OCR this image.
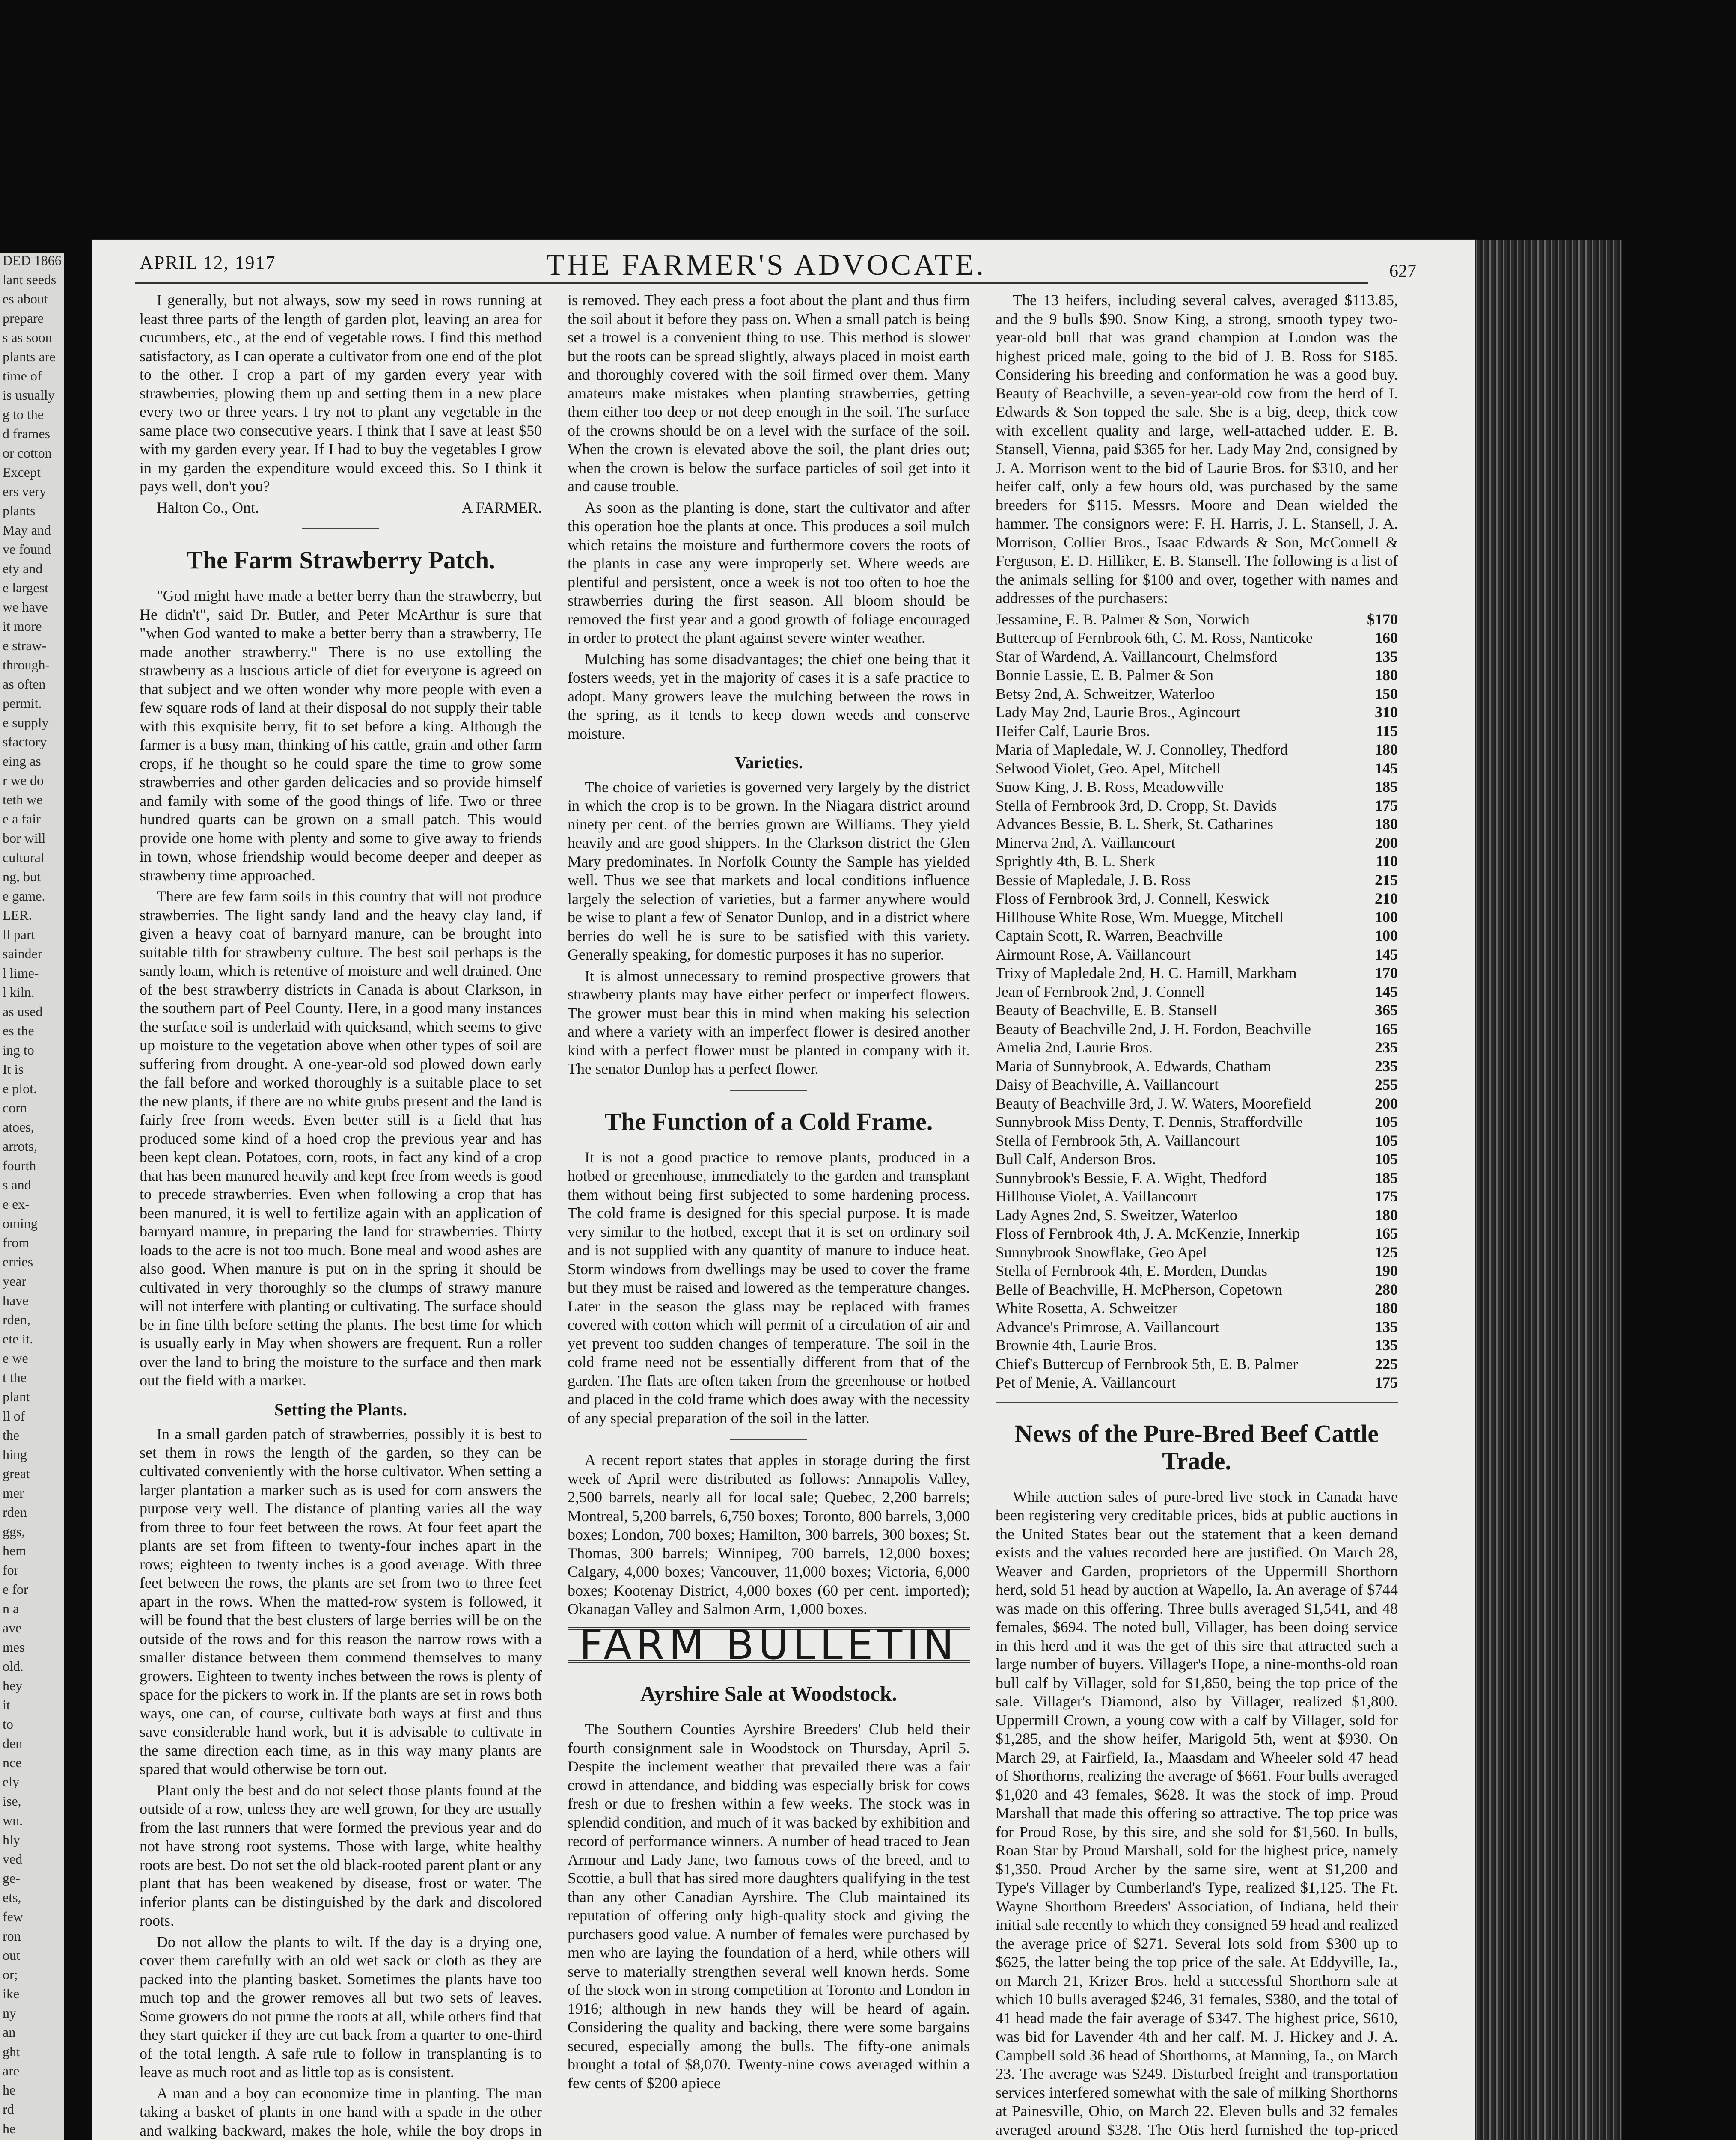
DED 1866
lant seeds
es about
prepare
s as soon
plants are
time of
is usually
g to the
d frames
or cotton
Except
ers very
plants
May and
ve found
ety and
e largest
we have
it more
e straw-
through-
as often
permit.
e supply
sfactory
eing as
r we do
teth we
e a fair
bor will
cultural
ng, but
e game.
LER.
ll part
sainder
l lime-
l kiln.
as used
es the
ing to
It is
e plot.
corn
atoes,
arrots,
fourth
s and
e ex-
oming
from
erries
year
have
rden,
ete it.
e we
t the
plant
ll of
the
hing
great
mer
rden
ggs,
hem
for
e for
n a
ave
mes
old.
hey
it
to
den
nce
ely
ise,
wn.
hly
ved
ge-
ets,
few
ron
out
or;
ike
ny
an
ght
are
he
rd
he
APRIL 12, 1917	THE FARMER'S ADVOCATE.	627

I generally, but not always, sow my seed in rows running at least three parts of the length of garden plot, leaving an area for cucumbers, etc., at the end of vegetable rows. I find this method satisfactory, as I can operate a cultivator from one end of the plot to the other. I crop a part of my garden every year with strawberries, plowing them up and setting them in a new place every two or three years. I try not to plant any vegetable in the same place two consecutive years. I think that I save at least $50 with my garden every year. If I had to buy the vegetables I grow in my garden the expenditure would exceed this. So I think it pays well, don't you?

Halton Co., Ont.	A FARMER.
The Farm Strawberry Patch.

"God might have made a better berry than the strawberry, but He didn't", said Dr. Butler, and Peter McArthur is sure that "when God wanted to make a better berry than a strawberry, He made another strawberry." There is no use extolling the strawberry as a luscious article of diet for everyone is agreed on that subject and we often wonder why more people with even a few square rods of land at their disposal do not supply their table with this exquisite berry, fit to set before a king. Although the farmer is a busy man, thinking of his cattle, grain and other farm crops, if he thought so he could spare the time to grow some strawberries and other garden delicacies and so provide himself and family with some of the good things of life. Two or three hundred quarts can be grown on a small patch. This would provide one home with plenty and some to give away to friends in town, whose friendship would become deeper and deeper as strawberry time approached.

There are few farm soils in this country that will not produce strawberries. The light sandy land and the heavy clay land, if given a heavy coat of barnyard manure, can be brought into suitable tilth for strawberry culture. The best soil perhaps is the sandy loam, which is retentive of moisture and well drained. One of the best strawberry districts in Canada is about Clarkson, in the southern part of Peel County. Here, in a good many instances the surface soil is underlaid with quicksand, which seems to give up moisture to the vegetation above when other types of soil are suffering from drought. A one-year-old sod plowed down early the fall before and worked thoroughly is a suitable place to set the new plants, if there are no white grubs present and the land is fairly free from weeds. Even better still is a field that has produced some kind of a hoed crop the previous year and has been kept clean. Potatoes, corn, roots, in fact any kind of a crop that has been manured heavily and kept free from weeds is good to precede strawberries. Even when following a crop that has been manured, it is well to fertilize again with an application of barnyard manure, in preparing the land for strawberries. Thirty loads to the acre is not too much. Bone meal and wood ashes are also good. When manure is put on in the spring it should be cultivated in very thoroughly so the clumps of strawy manure will not interfere with planting or cultivating. The surface should be in fine tilth before setting the plants. The best time for which is usually early in May when showers are frequent. Run a roller over the land to bring the moisture to the surface and then mark out the field with a marker.

Setting the Plants.

In a small garden patch of strawberries, possibly it is best to set them in rows the length of the garden, so they can be cultivated conveniently with the horse cultivator. When setting a larger plantation a marker such as is used for corn answers the purpose very well. The distance of planting varies all the way from three to four feet between the rows. At four feet apart the plants are set from fifteen to twenty-four inches apart in the rows; eighteen to twenty inches is a good average. With three feet between the rows, the plants are set from two to three feet apart in the rows. When the matted-row system is followed, it will be found that the best clusters of large berries will be on the outside of the rows and for this reason the narrow rows with a smaller distance between them commend themselves to many growers. Eighteen to twenty inches between the rows is plenty of space for the pickers to work in. If the plants are set in rows both ways, one can, of course, cultivate both ways at first and thus save considerable hand work, but it is advisable to cultivate in the same direction each time, as in this way many plants are spared that would otherwise be torn out.

Plant only the best and do not select those plants found at the outside of a row, unless they are well grown, for they are usually from the last runners that were formed the previous year and do not have strong root systems. Those with large, white healthy roots are best. Do not set the old black-rooted parent plant or any plant that has been weakened by disease, frost or water. The inferior plants can be distinguished by the dark and discolored roots.

Do not allow the plants to wilt. If the day is a drying one, cover them carefully with an old wet sack or cloth as they are packed into the planting basket. Sometimes the plants have too much top and the grower removes all but two sets of leaves. Some growers do not prune the roots at all, while others find that they start quicker if they are cut back from a quarter to one-third of the total length. A safe rule to follow in transplanting is to leave as much root and as little top as is consistent.

A man and a boy can economize time in planting. The man taking a basket of plants in one hand with a spade in the other and walking backward, makes the hole, while the boy drops in

is removed. They each press a foot about the plant and thus firm the soil about it before they pass on. When a small patch is being set a trowel is a convenient thing to use. This method is slower but the roots can be spread slightly, always placed in moist earth and thoroughly covered with the soil firmed over them. Many amateurs make mistakes when planting strawberries, getting them either too deep or not deep enough in the soil. The surface of the crowns should be on a level with the surface of the soil. When the crown is elevated above the soil, the plant dries out; when the crown is below the surface particles of soil get into it and cause trouble.

As soon as the planting is done, start the cultivator and after this operation hoe the plants at once. This produces a soil mulch which retains the moisture and furthermore covers the roots of the plants in case any were improperly set. Where weeds are plentiful and persistent, once a week is not too often to hoe the strawberries during the first season. All bloom should be removed the first year and a good growth of foliage encouraged in order to protect the plant against severe winter weather.

Mulching has some disadvantages; the chief one being that it fosters weeds, yet in the majority of cases it is a safe practice to adopt. Many growers leave the mulching between the rows in the spring, as it tends to keep down weeds and conserve moisture.

Varieties.

The choice of varieties is governed very largely by the district in which the crop is to be grown. In the Niagara district around ninety per cent. of the berries grown are Williams. They yield heavily and are good shippers. In the Clarkson district the Glen Mary predominates. In Norfolk County the Sample has yielded well. Thus we see that markets and local conditions influence largely the selection of varieties, but a farmer anywhere would be wise to plant a few of Senator Dunlop, and in a district where berries do well he is sure to be satisfied with this variety. Generally speaking, for domestic purposes it has no superior.

It is almost unnecessary to remind prospective growers that strawberry plants may have either perfect or imperfect flowers. The grower must bear this in mind when making his selection and where a variety with an imperfect flower is desired another kind with a perfect flower must be planted in company with it. The senator Dunlop has a perfect flower.

The Function of a Cold Frame.

It is not a good practice to remove plants, produced in a hotbed or greenhouse, immediately to the garden and transplant them without being first subjected to some hardening process. The cold frame is designed for this special purpose. It is made very similar to the hotbed, except that it is set on ordinary soil and is not supplied with any quantity of manure to induce heat. Storm windows from dwellings may be used to cover the frame but they must be raised and lowered as the temperature changes. Later in the season the glass may be replaced with frames covered with cotton which will permit of a circulation of air and yet prevent too sudden changes of temperature. The soil in the cold frame need not be essentially different from that of the garden. The flats are often taken from the greenhouse or hotbed and placed in the cold frame which does away with the necessity of any special preparation of the soil in the latter.

A recent report states that apples in storage during the first week of April were distributed as follows: Annapolis Valley, 2,500 barrels, nearly all for local sale; Quebec, 2,200 barrels; Montreal, 5,200 barrels, 6,750 boxes; Toronto, 800 barrels, 3,000 boxes; London, 700 boxes; Hamilton, 300 barrels, 300 boxes; St. Thomas, 300 barrels; Winnipeg, 700 barrels, 12,000 boxes; Calgary, 4,000 boxes; Vancouver, 11,000 boxes; Victoria, 6,000 boxes; Kootenay District, 4,000 boxes (60 per cent. imported); Okanagan Valley and Salmon Arm, 1,000 boxes.

FARM BULLETIN
Ayrshire Sale at Woodstock.

The Southern Counties Ayrshire Breeders' Club held their fourth consignment sale in Woodstock on Thursday, April 5. Despite the inclement weather that prevailed there was a fair crowd in attendance, and bidding was especially brisk for cows fresh or due to freshen within a few weeks. The stock was in splendid condition, and much of it was backed by exhibition and record of performance winners. A number of head traced to Jean Armour and Lady Jane, two famous cows of the breed, and to Scottie, a bull that has sired more daughters qualifying in the test than any other Canadian Ayrshire. The Club maintained its reputation of offering only high-quality stock and giving the purchasers good value. A number of females were purchased by men who are laying the foundation of a herd, while others will serve to materially strengthen several well known herds. Some of the stock won in strong competition at Toronto and London in 1916; although in new hands they will be heard of again. Considering the quality and backing, there were some bargains secured, especially among the bulls. The fifty-one animals brought a total of $8,070. Twenty-nine cows averaged within a few cents of $200 apiece

The 13 heifers, including several calves, averaged $113.85, and the 9 bulls $90. Snow King, a strong, smooth typey two-year-old bull that was grand champion at London was the highest priced male, going to the bid of J. B. Ross for $185. Considering his breeding and conformation he was a good buy. Beauty of Beachville, a seven-year-old cow from the herd of I. Edwards & Son topped the sale. She is a big, deep, thick cow with excellent quality and large, well-attached udder. E. B. Stansell, Vienna, paid $365 for her. Lady May 2nd, consigned by J. A. Morrison went to the bid of Laurie Bros. for $310, and her heifer calf, only a few hours old, was purchased by the same breeders for $115. Messrs. Moore and Dean wielded the hammer. The consignors were: F. H. Harris, J. L. Stansell, J. A. Morrison, Collier Bros., Isaac Edwards & Son, McConnell & Ferguson, E. D. Hilliker, E. B. Stansell. The following is a list of the animals selling for $100 and over, together with names and addresses of the purchasers:

Jessamine, E. B. Palmer & Son, Norwich	$170
Buttercup of Fernbrook 6th, C. M. Ross, Nanticoke	160
Star of Wardend, A. Vaillancourt, Chelmsford	135
Bonnie Lassie, E. B. Palmer & Son	180
Betsy 2nd, A. Schweitzer, Waterloo	150
Lady May 2nd, Laurie Bros., Agincourt	310
Heifer Calf, Laurie Bros.	115
Maria of Mapledale, W. J. Connolley, Thedford	180
Selwood Violet, Geo. Apel, Mitchell	145
Snow King, J. B. Ross, Meadowville	185
Stella of Fernbrook 3rd, D. Cropp, St. Davids	175
Advances Bessie, B. L. Sherk, St. Catharines	180
Minerva 2nd, A. Vaillancourt	200
Sprightly 4th, B. L. Sherk	110
Bessie of Mapledale, J. B. Ross	215
Floss of Fernbrook 3rd, J. Connell, Keswick	210
Hillhouse White Rose, Wm. Muegge, Mitchell	100
Captain Scott, R. Warren, Beachville	100
Airmount Rose, A. Vaillancourt	145
Trixy of Mapledale 2nd, H. C. Hamill, Markham	170
Jean of Fernbrook 2nd, J. Connell	145
Beauty of Beachville, E. B. Stansell	365
Beauty of Beachville 2nd, J. H. Fordon, Beachville	165
Amelia 2nd, Laurie Bros.	235
Maria of Sunnybrook, A. Edwards, Chatham	235
Daisy of Beachville, A. Vaillancourt	255
Beauty of Beachville 3rd, J. W. Waters, Moorefield	200
Sunnybrook Miss Denty, T. Dennis, Straffordville	105
Stella of Fernbrook 5th, A. Vaillancourt	105
Bull Calf, Anderson Bros.	105
Sunnybrook's Bessie, F. A. Wight, Thedford	185
Hillhouse Violet, A. Vaillancourt	175
Lady Agnes 2nd, S. Sweitzer, Waterloo	180
Floss of Fernbrook 4th, J. A. McKenzie, Innerkip	165
Sunnybrook Snowflake, Geo Apel	125
Stella of Fernbrook 4th, E. Morden, Dundas	190
Belle of Beachville, H. McPherson, Copetown	280
White Rosetta, A. Schweitzer	180
Advance's Primrose, A. Vaillancourt	135
Brownie 4th, Laurie Bros.	135
Chief's Buttercup of Fernbrook 5th, E. B. Palmer	225
Pet of Menie, A. Vaillancourt	175
News of the Pure-Bred Beef Cattle Trade.

While auction sales of pure-bred live stock in Canada have been registering very creditable prices, bids at public auctions in the United States bear out the statement that a keen demand exists and the values recorded here are justified. On March 28, Weaver and Garden, proprietors of the Uppermill Shorthorn herd, sold 51 head by auction at Wapello, Ia. An average of $744 was made on this offering. Three bulls averaged $1,541, and 48 females, $694. The noted bull, Villager, has been doing service in this herd and it was the get of this sire that attracted such a large number of buyers. Villager's Hope, a nine-months-old roan bull calf by Villager, sold for $1,850, being the top price of the sale. Villager's Diamond, also by Villager, realized $1,800. Uppermill Crown, a young cow with a calf by Villager, sold for $1,285, and the show heifer, Marigold 5th, went at $930. On March 29, at Fairfield, Ia., Maasdam and Wheeler sold 47 head of Shorthorns, realizing the average of $661. Four bulls averaged $1,020 and 43 females, $628. It was the stock of imp. Proud Marshall that made this offering so attractive. The top price was for Proud Rose, by this sire, and she sold for $1,560. In bulls, Roan Star by Proud Marshall, sold for the highest price, namely $1,350. Proud Archer by the same sire, went at $1,200 and Type's Villager by Cumberland's Type, realized $1,125. The Ft. Wayne Shorthorn Breeders' Association, of Indiana, held their initial sale recently to which they consigned 59 head and realized the average price of $271. Several lots sold from $300 up to $625, the latter being the top price of the sale. At Eddyville, Ia., on March 21, Krizer Bros. held a successful Shorthorn sale at which 10 bulls averaged $246, 31 females, $380, and the total of 41 head made the fair average of $347. The highest price, $610, was bid for Lavender 4th and her calf. M. J. Hickey and J. A. Campbell sold 36 head of Shorthorns, at Manning, Ia., on March 23. The average was $249. Disturbed freight and transportation services interfered somewhat with the sale of milking Shorthorns at Painesville, Ohio, on March 22. Eleven bulls and 32 females averaged around $328. The Otis herd furnished the top-priced
